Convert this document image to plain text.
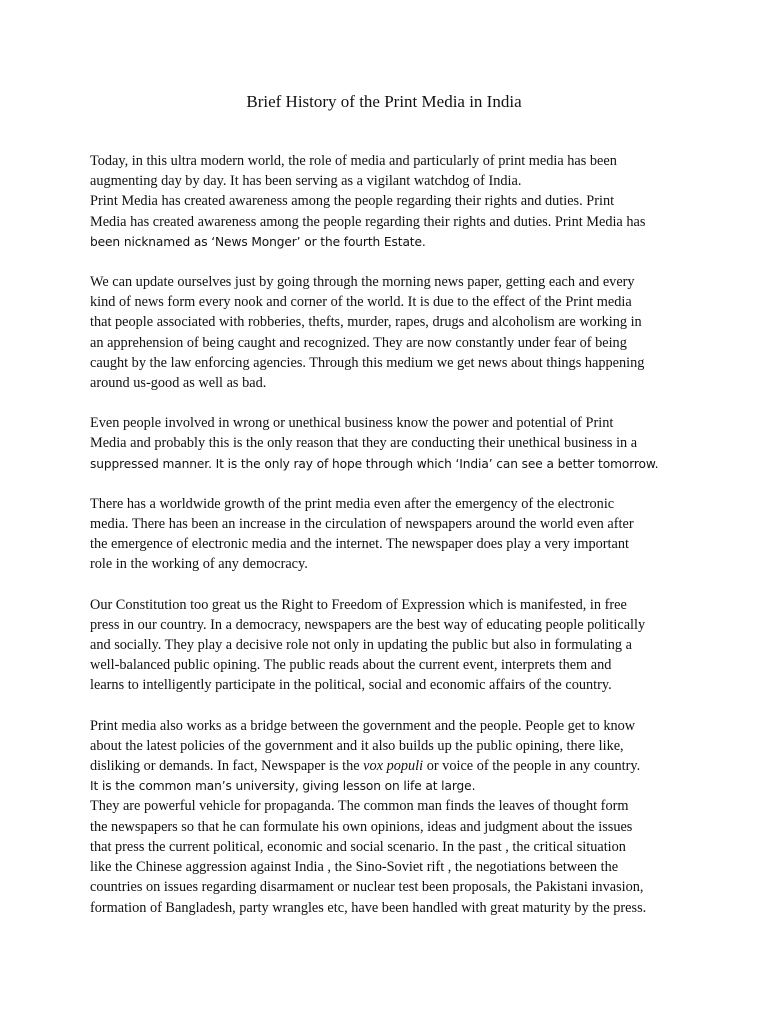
Brief History of the Print Media in India

Today, in this ultra modern world, the role of media and particularly of print media has been
augmenting day by day. It has been serving as a vigilant watchdog of India.
Print Media has created awareness among the people regarding their rights and duties. Print
Media has created awareness among the people regarding their rights and duties. Print Media has
been nicknamed as ‘News Monger’ or the fourth Estate.

We can update ourselves just by going through the morning news paper, getting each and every
kind of news form every nook and corner of the world. It is due to the effect of the Print media
that people associated with robberies, thefts, murder, rapes, drugs and alcoholism are working in
an apprehension of being caught and recognized. They are now constantly under fear of being
caught by the law enforcing agencies. Through this medium we get news about things happening
around us-good as well as bad.

Even people involved in wrong or unethical business know the power and potential of Print
Media and probably this is the only reason that they are conducting their unethical business in a
suppressed manner. It is the only ray of hope through which ‘India’ can see a better tomorrow.

There has a worldwide growth of the print media even after the emergency of the electronic
media. There has been an increase in the circulation of newspapers around the world even after
the emergence of electronic media and the internet. The newspaper does play a very important
role in the working of any democracy.

Our Constitution too great us the Right to Freedom of Expression which is manifested, in free
press in our country. In a democracy, newspapers are the best way of educating people politically
and socially. They play a decisive role not only in updating the public but also in formulating a
well-balanced public opining. The public reads about the current event, interprets them and
learns to intelligently participate in the political, social and economic affairs of the country.

Print media also works as a bridge between the government and the people. People get to know
about the latest policies of the government and it also builds up the public opining, there like,
disliking or demands. In fact, Newspaper is the vox populi or voice of the people in any country.
It is the common man’s university, giving lesson on life at large.

They are powerful vehicle for propaganda. The common man finds the leaves of thought form
the newspapers so that he can formulate his own opinions, ideas and judgment about the issues
that press the current political, economic and social scenario. In the past , the critical situation
like the Chinese aggression against India , the Sino-Soviet rift , the negotiations between the
countries on issues regarding disarmament or nuclear test been proposals, the Pakistani invasion,
formation of Bangladesh, party wrangles etc, have been handled with great maturity by the press.
